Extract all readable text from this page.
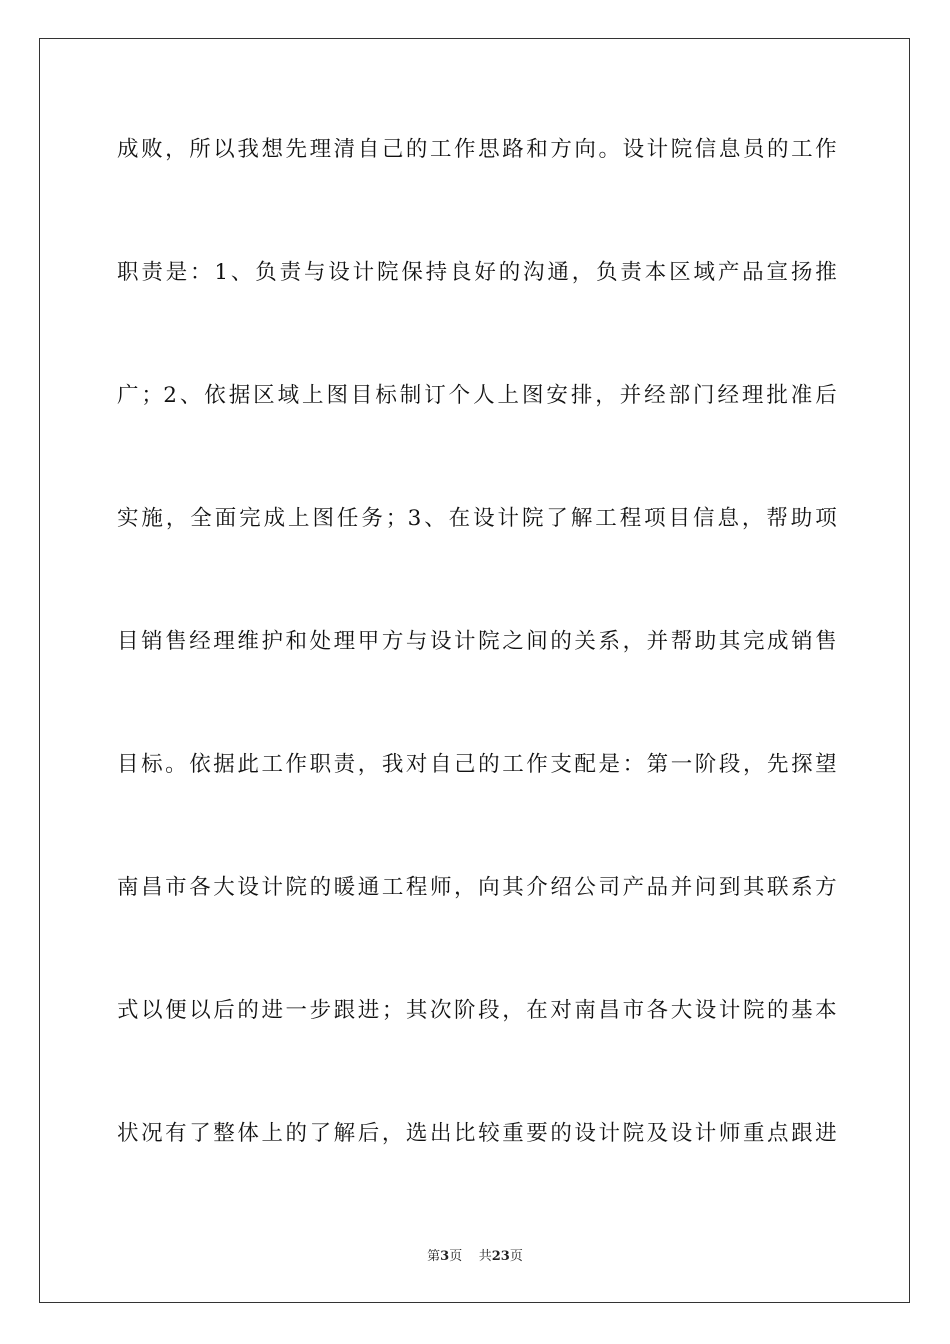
成败，所以我想先理清自己的工作思路和方向。设计院信息员的工作
职责是：1、负责与设计院保持良好的沟通，负责本区域产品宣扬推
广；2、依据区域上图目标制订个人上图安排，并经部门经理批准后
实施，全面完成上图任务；3、在设计院了解工程项目信息，帮助项
目销售经理维护和处理甲方与设计院之间的关系，并帮助其完成销售
目标。依据此工作职责，我对自己的工作支配是：第一阶段，先探望
南昌市各大设计院的暖通工程师，向其介绍公司产品并问到其联系方
式以便以后的进一步跟进；其次阶段，在对南昌市各大设计院的基本
状况有了整体上的了解后，选出比较重要的设计院及设计师重点跟进
第3页 共23页
